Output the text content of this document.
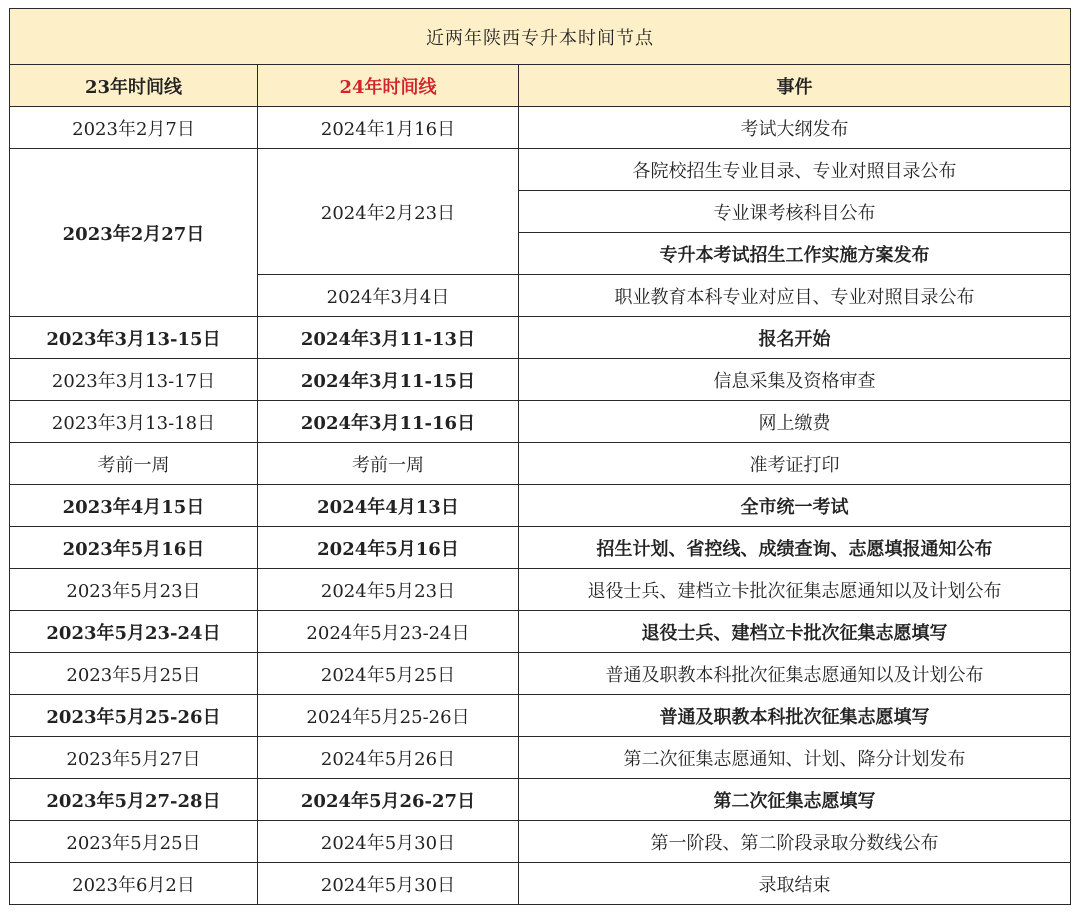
近两年陕西专升本时间节点		
23年时间线	24年时间线	事件
2023年2月7日	2024年1月16日	考试大纲发布
2023年2月27日	2024年2月23日	各院校招生专业目录、专业对照目录公布
		专业课考核科目公布
		专升本考试招生工作实施方案发布
	2024年3月4日	职业教育本科专业对应目、专业对照目录公布
2023年3月13-15日	2024年3月11-13日	报名开始
2023年3月13-17日	2024年3月11-15日	信息采集及资格审查
2023年3月13-18日	2024年3月11-16日	网上缴费
考前一周	考前一周	准考证打印
2023年4月15日	2024年4月13日	全市统一考试
2023年5月16日	2024年5月16日	招生计划、省控线、成绩查询、志愿填报通知公布
2023年5月23日	2024年5月23日	退役士兵、建档立卡批次征集志愿通知以及计划公布
2023年5月23-24日	2024年5月23-24日	退役士兵、建档立卡批次征集志愿填写
2023年5月25日	2024年5月25日	普通及职教本科批次征集志愿通知以及计划公布
2023年5月25-26日	2024年5月25-26日	普通及职教本科批次征集志愿填写
2023年5月27日	2024年5月26日	第二次征集志愿通知、计划、降分计划发布
2023年5月27-28日	2024年5月26-27日	第二次征集志愿填写
2023年5月25日	2024年5月30日	第一阶段、第二阶段录取分数线公布
2023年6月2日	2024年5月30日	录取结束
